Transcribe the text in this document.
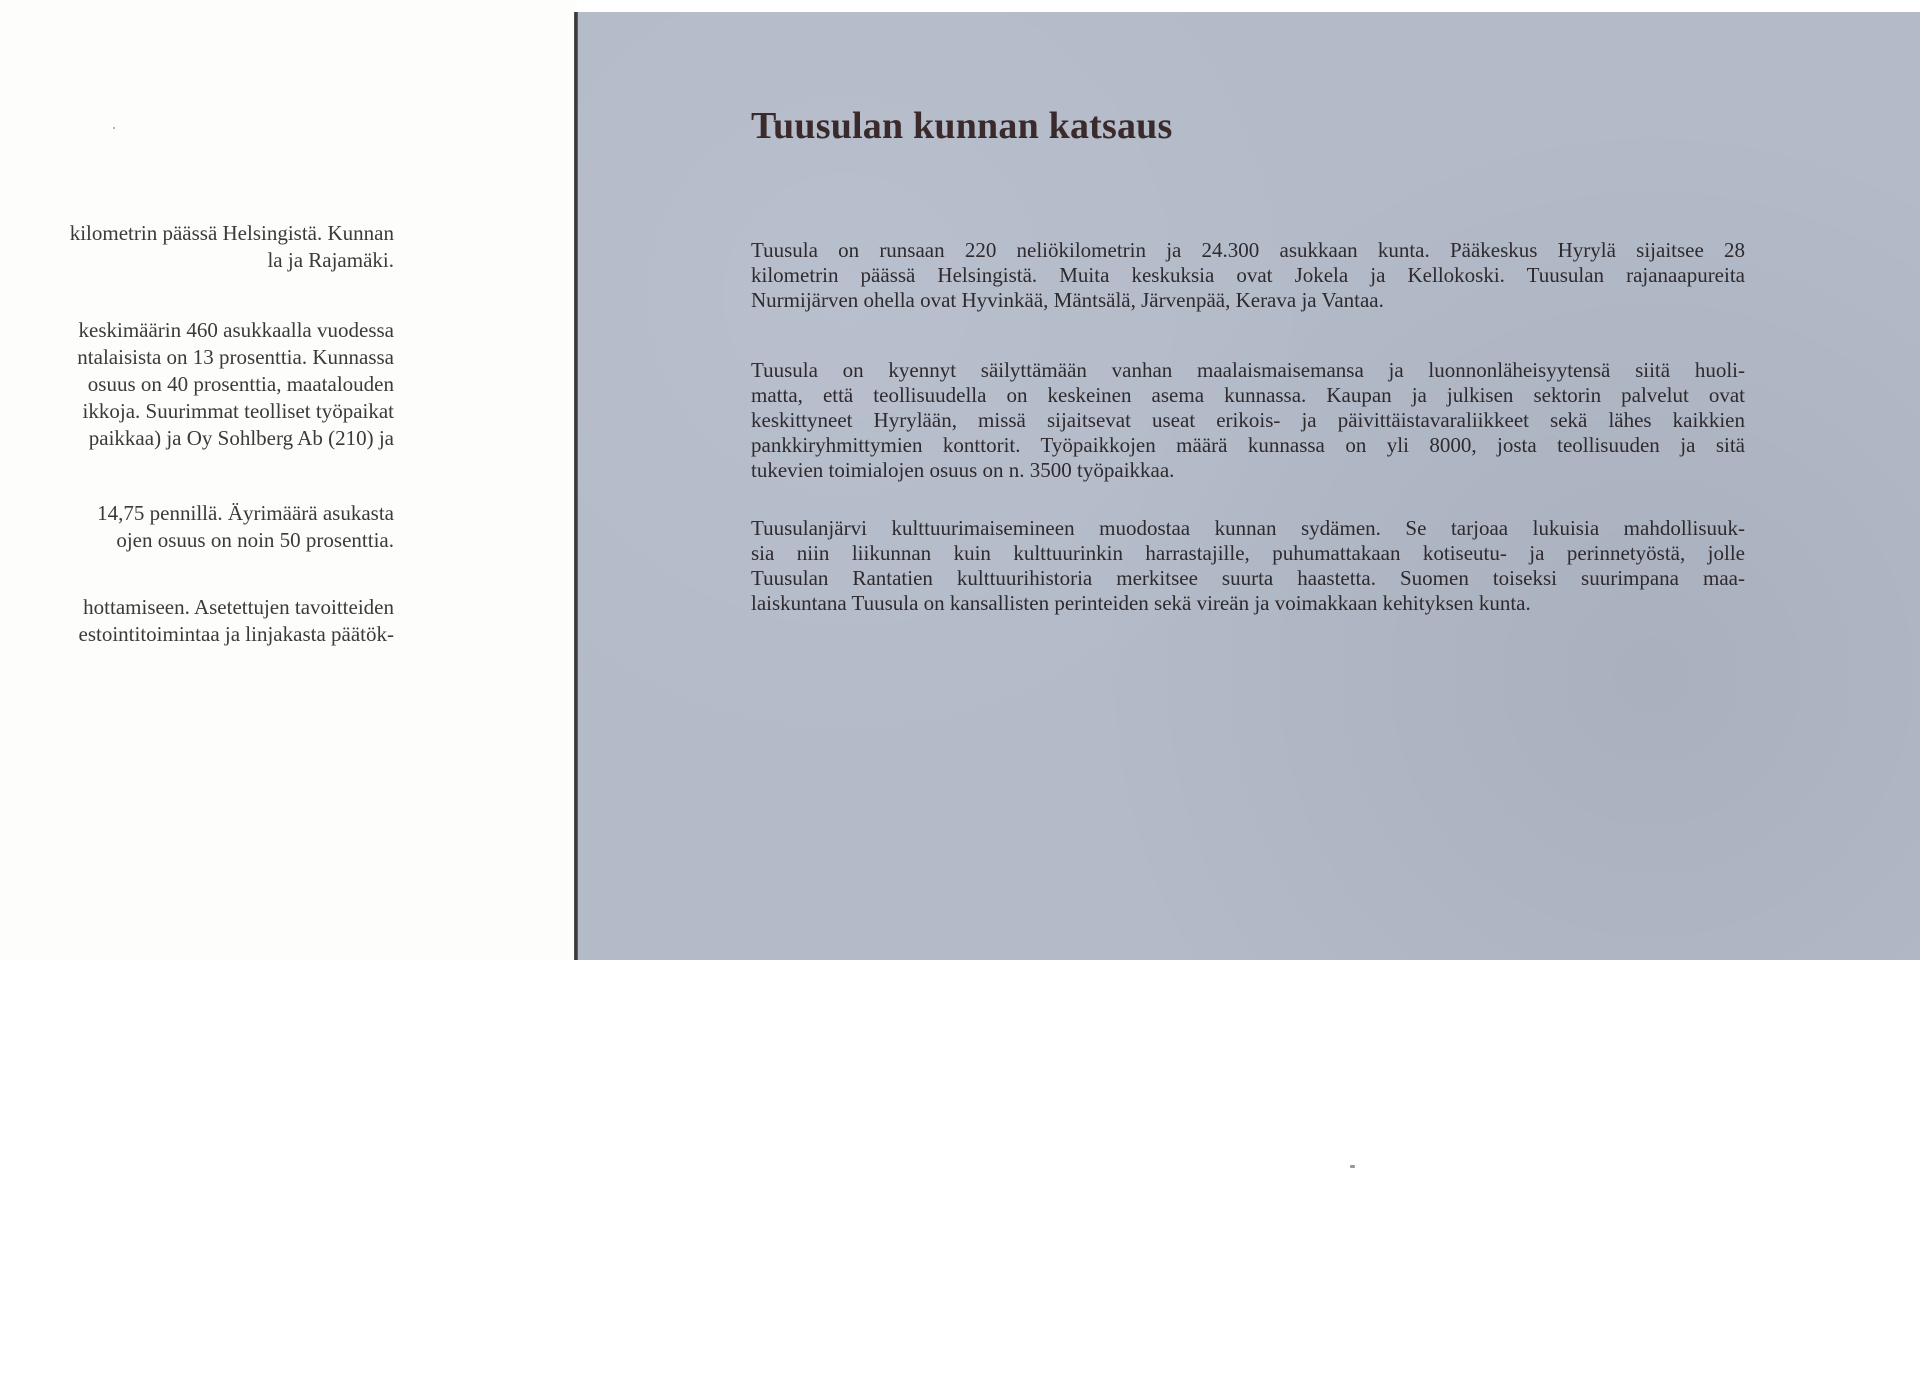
kilometrin päässä Helsingistä. Kunnan
la ja Rajamäki.
keskimäärin 460 asukkaalla vuodessa
ntalaisista on 13 prosenttia. Kunnassa
osuus on 40 prosenttia, maatalouden
ikkoja. Suurimmat teolliset työpaikat
paikkaa) ja Oy Sohlberg Ab (210) ja
14,75 pennillä. Äyrimäärä asukasta
ojen osuus on noin 50 prosenttia.
hottamiseen. Asetettujen tavoitteiden
estointitoimintaa ja linjakasta päätök-
Tuusulan kunnan katsaus
Tuusula on runsaan 220 neliökilometrin ja 24.300 asukkaan kunta. Pääkeskus Hyrylä sijaitsee 28
kilometrin päässä Helsingistä. Muita keskuksia ovat Jokela ja Kellokoski. Tuusulan rajanaapureita
Nurmijärven ohella ovat Hyvinkää, Mäntsälä, Järvenpää, Kerava ja Vantaa.
Tuusula on kyennyt säilyttämään vanhan maalaismaisemansa ja luonnonläheisyytensä siitä huoli-
matta, että teollisuudella on keskeinen asema kunnassa. Kaupan ja julkisen sektorin palvelut ovat
keskittyneet Hyrylään, missä sijaitsevat useat erikois- ja päivittäistavaraliikkeet sekä lähes kaikkien
pankkiryhmittymien konttorit. Työpaikkojen määrä kunnassa on yli 8000, josta teollisuuden ja sitä
tukevien toimialojen osuus on n. 3500 työpaikkaa.
Tuusulanjärvi kulttuurimaisemineen muodostaa kunnan sydämen. Se tarjoaa lukuisia mahdollisuuk-
sia niin liikunnan kuin kulttuurinkin harrastajille, puhumattakaan kotiseutu- ja perinnetyöstä, jolle
Tuusulan Rantatien kulttuurihistoria merkitsee suurta haastetta. Suomen toiseksi suurimpana maa-
laiskuntana Tuusula on kansallisten perinteiden sekä vireän ja voimakkaan kehityksen kunta.
